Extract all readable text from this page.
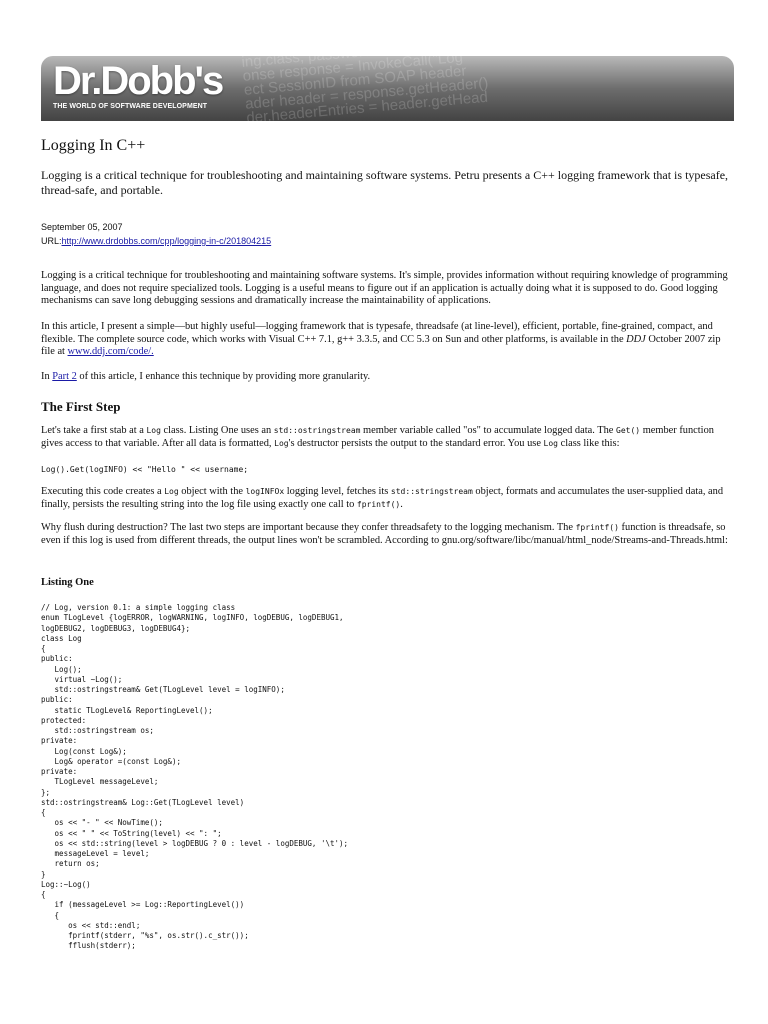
ing.class, password.num)
onse response = InvokeCall("Log
ect SessionID from SOAP header
ader header = response.getHeader()
der.headerEntries = header.getHead
Dr.Dobb's
THE WORLD OF SOFTWARE DEVELOPMENT
Logging In C++

Logging is a critical technique for troubleshooting and maintaining software systems. Petru presents a C++ logging framework that is typesafe, thread-safe, and portable.

September 05, 2007
URL:http://www.drdobbs.com/cpp/logging-in-c/201804215

Logging is a critical technique for troubleshooting and maintaining software systems. It's simple, provides information without requiring knowledge of programming language, and does not require specialized tools. Logging is a useful means to figure out if an application is actually doing what it is supposed to do. Good logging mechanisms can save long debugging sessions and dramatically increase the maintainability of applications.

In this article, I present a simple—but highly useful—logging framework that is typesafe, threadsafe (at line-level), efficient, portable, fine-grained, compact, and flexible. The complete source code, which works with Visual C++ 7.1, g++ 3.3.5, and CC 5.3 on Sun and other platforms, is available in the DDJ October 2007 zip file at www.ddj.com/code/.

In Part 2 of this article, I enhance this technique by providing more granularity.

The First Step

Let's take a first stab at a Log class. Listing One uses an std::ostringstream member variable called "os" to accumulate logged data. The Get() member function gives access to that variable. After all data is formatted, Log's destructor persists the output to the standard error. You use Log class like this:

Log().Get(logINFO) << "Hello " << username;

Executing this code creates a Log object with the logINFOx logging level, fetches its std::stringstream object, formats and accumulates the user-supplied data, and finally, persists the resulting string into the log file using exactly one call to fprintf().

Why flush during destruction? The last two steps are important because they confer threadsafety to the logging mechanism. The fprintf() function is threadsafe, so even if this log is used from different threads, the output lines won't be scrambled. According to gnu.org/software/libc/manual/html_node/Streams-and-Threads.html:

Listing One
// Log, version 0.1: a simple logging class
enum TLogLevel {logERROR, logWARNING, logINFO, logDEBUG, logDEBUG1,
logDEBUG2, logDEBUG3, logDEBUG4};
class Log
{
public:
Log();
virtual ~Log();
std::ostringstream& Get(TLogLevel level = logINFO);
public:
static TLogLevel& ReportingLevel();
protected:
std::ostringstream os;
private:
Log(const Log&);
Log& operator =(const Log&);
private:
TLogLevel messageLevel;
};
std::ostringstream& Log::Get(TLogLevel level)
{
os << "- " << NowTime();
os << " " << ToString(level) << ": ";
os << std::string(level > logDEBUG ? 0 : level - logDEBUG, '\t');
messageLevel = level;
return os;
}
Log::~Log()
{
if (messageLevel >= Log::ReportingLevel())
{
os << std::endl;
fprintf(stderr, "%s", os.str().c_str());
fflush(stderr);
